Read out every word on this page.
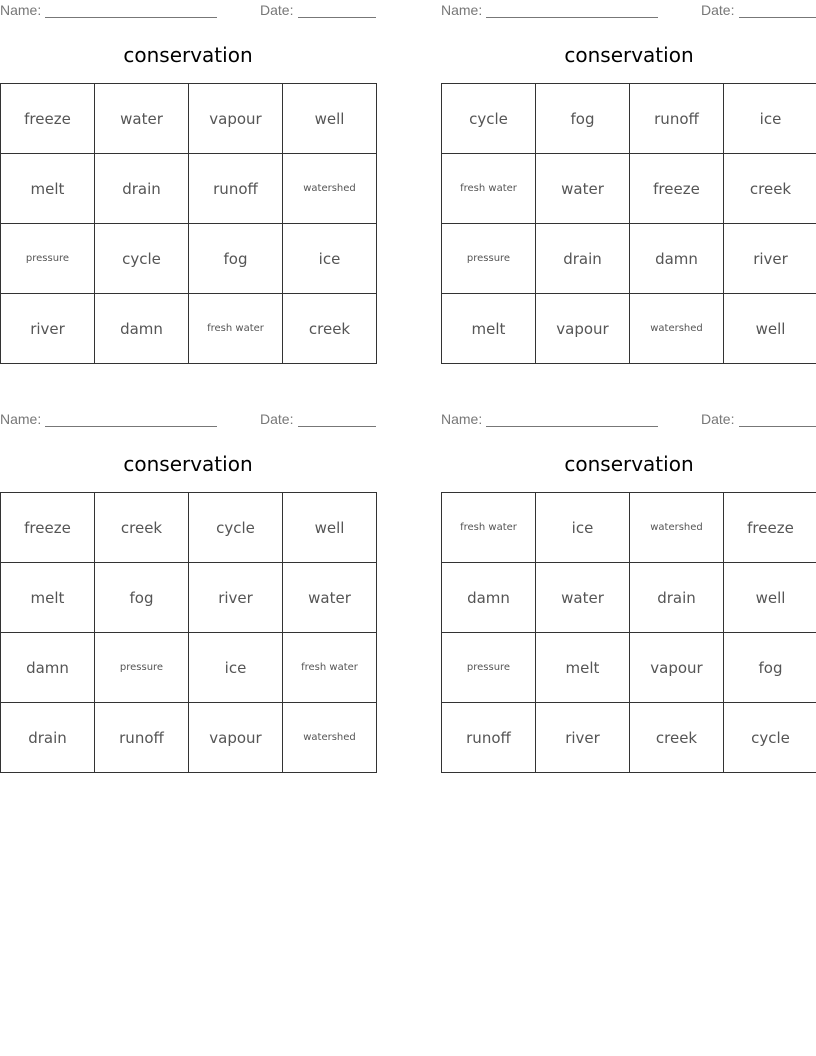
Name:	Date:
conservation
freeze	water	vapour	well
melt	drain	runoff	watershed
pressure	cycle	fog	ice
river	damn	fresh water	creek
Name:	Date:
conservation
cycle	fog	runoff	ice
fresh water	water	freeze	creek
pressure	drain	damn	river
melt	vapour	watershed	well
Name:	Date:
conservation
freeze	creek	cycle	well
melt	fog	river	water
damn	pressure	ice	fresh water
drain	runoff	vapour	watershed
Name:	Date:
conservation
fresh water	ice	watershed	freeze
damn	water	drain	well
pressure	melt	vapour	fog
runoff	river	creek	cycle
